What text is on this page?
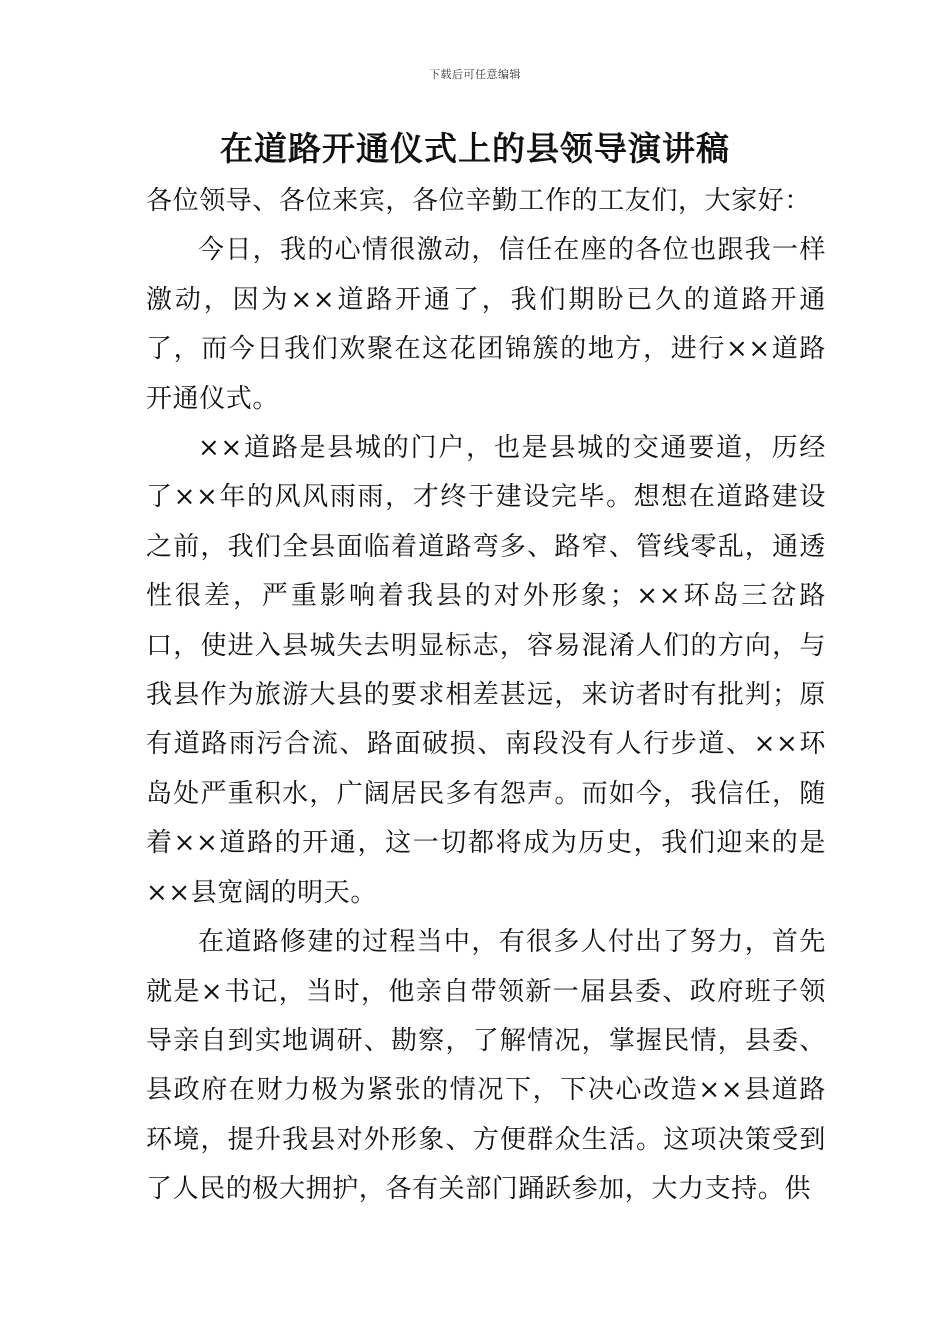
下载后可任意编辑
在道路开通仪式上的县领导演讲稿

各位领导、各位来宾，各位辛勤工作的工友们，大家好：

今日，我的心情很激动，信任在座的各位也跟我一样激动，因为××道路开通了，我们期盼已久的道路开通了，而今日我们欢聚在这花团锦簇的地方，进行××道路开通仪式。

××道路是县城的门户，也是县城的交通要道，历经了××年的风风雨雨，才终于建设完毕。想想在道路建设之前，我们全县面临着道路弯多、路窄、管线零乱，通透性很差，严重影响着我县的对外形象；××环岛三岔路口，使进入县城失去明显标志，容易混淆人们的方向，与我县作为旅游大县的要求相差甚远，来访者时有批判；原有道路雨污合流、路面破损、南段没有人行步道、××环岛处严重积水，广阔居民多有怨声。而如今，我信任，随着××道路的开通，这一切都将成为历史，我们迎来的是××县宽阔的明天。

在道路修建的过程当中，有很多人付出了努力，首先就是×书记，当时，他亲自带领新一届县委、政府班子领导亲自到实地调研、勘察，了解情况，掌握民情，县委、县政府在财力极为紧张的情况下，下决心改造××县道路环境，提升我县对外形象、方便群众生活。这项决策受到了人民的极大拥护，各有关部门踊跃参加，大力支持。供
